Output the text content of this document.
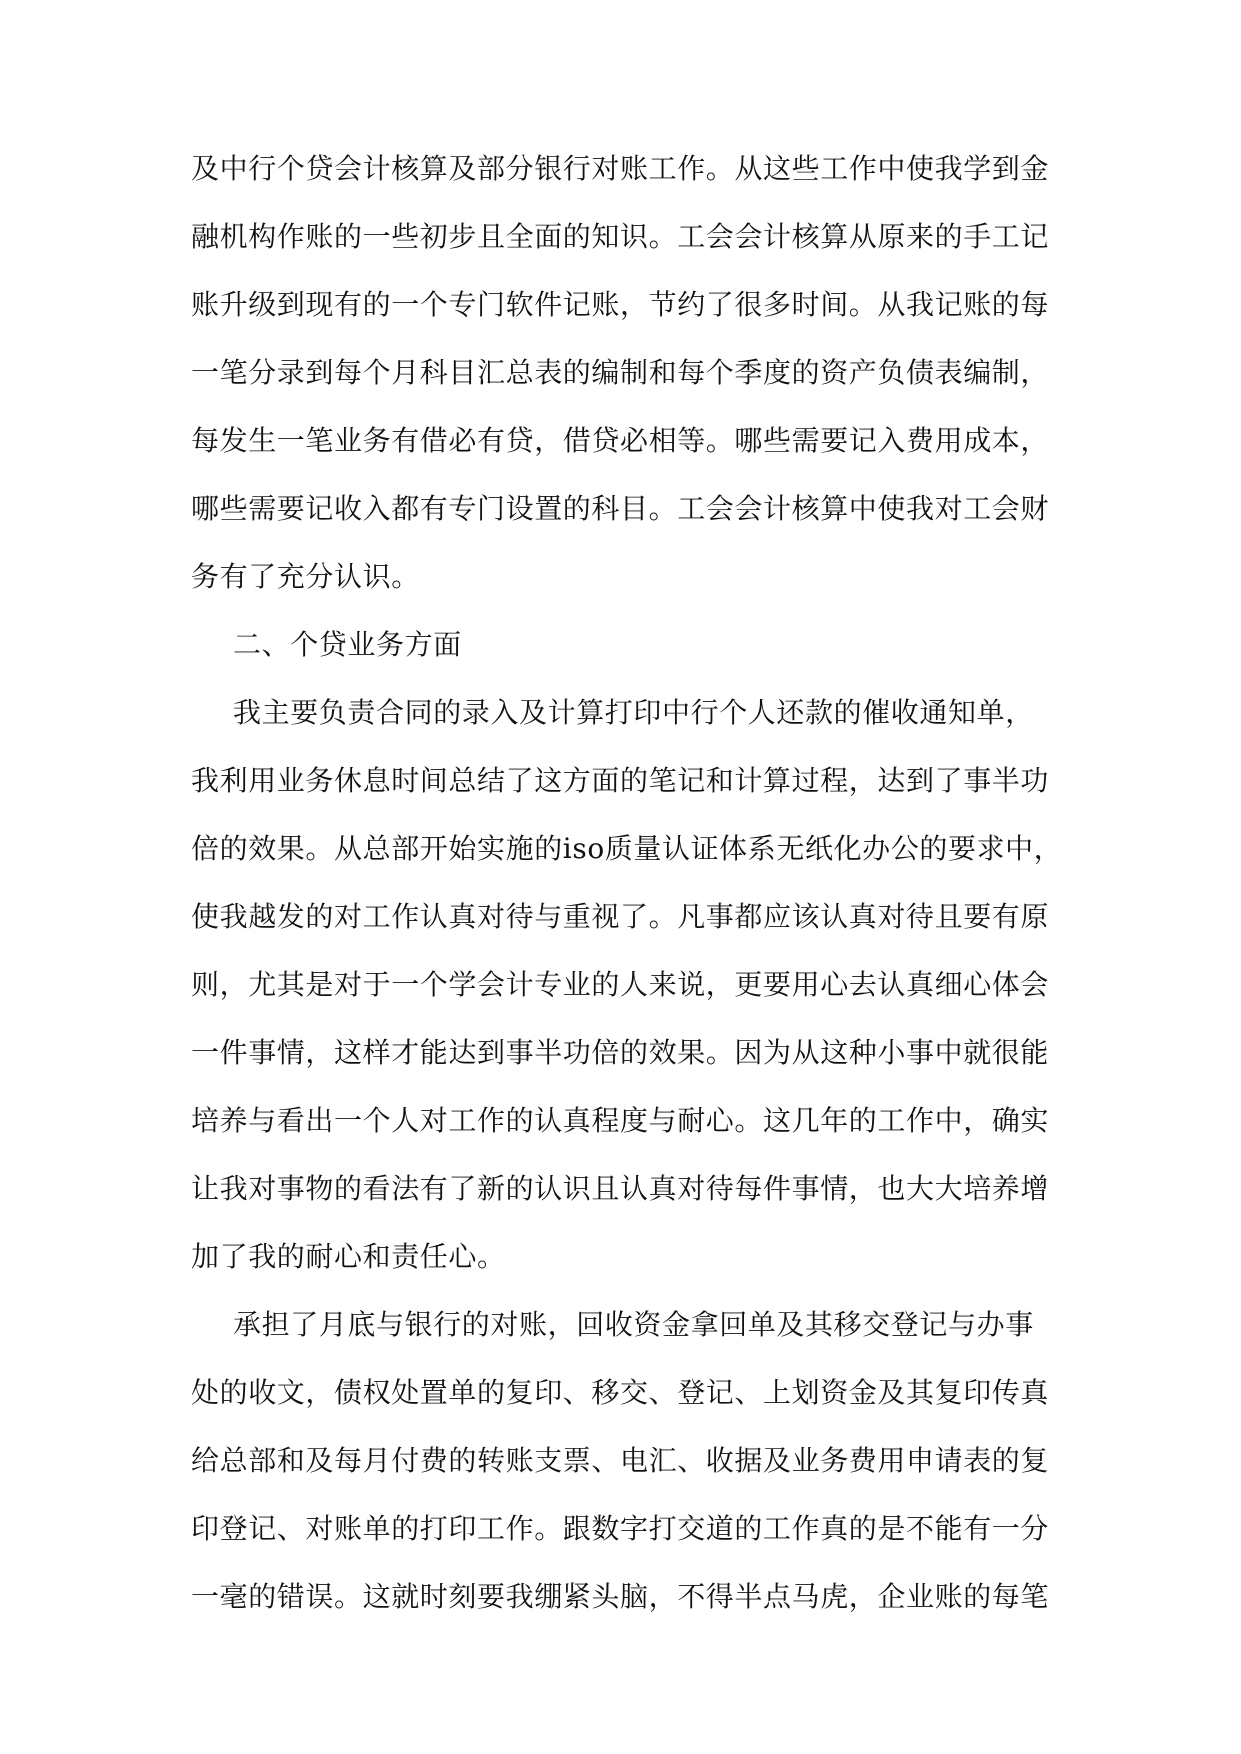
及中行个贷会计核算及部分银行对账工作。从这些工作中使我学到金

融机构作账的一些初步且全面的知识。工会会计核算从原来的手工记

账升级到现有的一个专门软件记账，节约了很多时间。从我记账的每

一笔分录到每个月科目汇总表的编制和每个季度的资产负债表编制，

每发生一笔业务有借必有贷，借贷必相等。哪些需要记入费用成本，

哪些需要记收入都有专门设置的科目。工会会计核算中使我对工会财

务有了充分认识。

二、个贷业务方面

我主要负责合同的录入及计算打印中行个人还款的催收通知单，

我利用业务休息时间总结了这方面的笔记和计算过程，达到了事半功

倍的效果。从总部开始实施的iso质量认证体系无纸化办公的要求中，

使我越发的对工作认真对待与重视了。凡事都应该认真对待且要有原

则，尤其是对于一个学会计专业的人来说，更要用心去认真细心体会

一件事情，这样才能达到事半功倍的效果。因为从这种小事中就很能

培养与看出一个人对工作的认真程度与耐心。这几年的工作中，确实

让我对事物的看法有了新的认识且认真对待每件事情，也大大培养增

加了我的耐心和责任心。

承担了月底与银行的对账，回收资金拿回单及其移交登记与办事

处的收文，债权处置单的复印、移交、登记、上划资金及其复印传真

给总部和及每月付费的转账支票、电汇、收据及业务费用申请表的复

印登记、对账单的打印工作。跟数字打交道的工作真的是不能有一分

一毫的错误。这就时刻要我绷紧头脑，不得半点马虎，企业账的每笔
